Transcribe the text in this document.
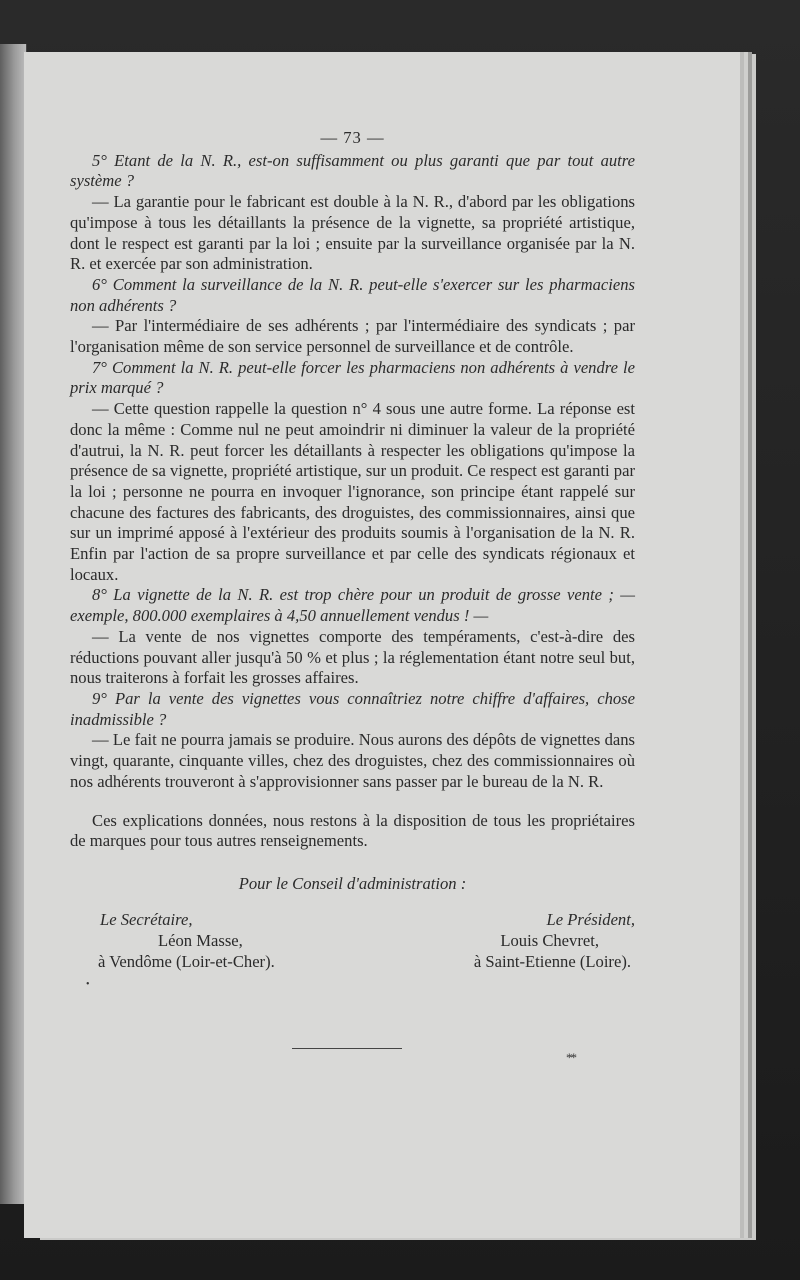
— 73 —

5° Etant de la N. R., est-on suffisamment ou plus garanti que par tout autre système ?

— La garantie pour le fabricant est double à la N. R., d'abord par les obligations qu'impose à tous les détaillants la présence de la vignette, sa propriété artistique, dont le respect est garanti par la loi ; ensuite par la surveillance organisée par la N. R. et exercée par son administration.

6° Comment la surveillance de la N. R. peut-elle s'exercer sur les pharmaciens non adhérents ?

— Par l'intermédiaire de ses adhérents ; par l'intermédiaire des syndicats ; par l'organisation même de son service personnel de surveillance et de contrôle.

7° Comment la N. R. peut-elle forcer les pharmaciens non adhérents à vendre le prix marqué ?

— Cette question rappelle la question n° 4 sous une autre forme. La réponse est donc la même : Comme nul ne peut amoindrir ni diminuer la valeur de la propriété d'autrui, la N. R. peut forcer les détaillants à respecter les obligations qu'impose la présence de sa vignette, propriété artistique, sur un produit. Ce respect est garanti par la loi ; personne ne pourra en invoquer l'ignorance, son principe étant rappelé sur chacune des factures des fabricants, des droguistes, des commissionnaires, ainsi que sur un imprimé apposé à l'extérieur des produits soumis à l'organisation de la N. R. Enfin par l'action de sa propre surveillance et par celle des syndicats régionaux et locaux.

8° La vignette de la N. R. est trop chère pour un produit de grosse vente ; — exemple, 800.000 exemplaires à 4,50 annuellement vendus ! —

— La vente de nos vignettes comporte des tempéraments, c'est-à-dire des réductions pouvant aller jusqu'à 50 % et plus ; la réglementation étant notre seul but, nous traiterons à forfait les grosses affaires.

9° Par la vente des vignettes vous connaîtriez notre chiffre d'affaires, chose inadmissible ?

— Le fait ne pourra jamais se produire. Nous aurons des dépôts de vignettes dans vingt, quarante, cinquante villes, chez des droguistes, chez des commissionnaires où nos adhérents trouveront à s'approvisionner sans passer par le bureau de la N. R.

Ces explications données, nous restons à la disposition de tous les propriétaires de marques pour tous autres renseignements.

Pour le Conseil d'administration :
Le Secrétaire,
Léon Masse,
à Vendôme (Loir-et-Cher).
Le Président,
Louis Chevret,
à Saint-Etienne (Loire).
•
**
